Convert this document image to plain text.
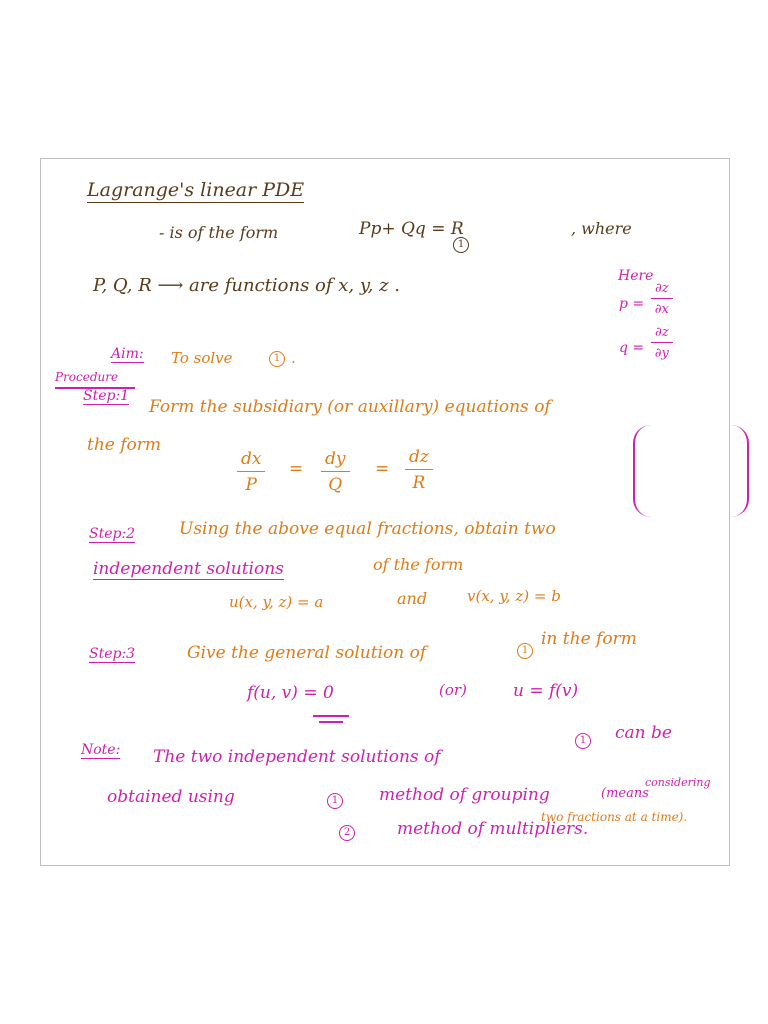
Lagrange's linear PDE
- is of the form	Pp+ Qq = R
1
, where
P, Q, R ⟶ are functions of x, y, z .	Here
$p = \frac{\partial z}{\partial x}$
$q = \frac{\partial z}{\partial y}$
Aim: To solve	1 .
Procedure
Step:1
Form the subsidiary (or auxillary) equations of
the form
$\frac{dx}{P} = \frac{dy}{Q} = \frac{dz}{R}$
Step:2	Using the above equal fractions, obtain two
independent solutions	of the form
u(x, y, z) = a	and	v(x, y, z) = b
Step:3	Give the general solution of	1
in the form
f(u, v) = 0	(or)	u = f(v)
Note: The two independent solutions of
1 can be
obtained using	1 method of grouping	(means
considering
two fractions at a time).
2	method of multipliers.
